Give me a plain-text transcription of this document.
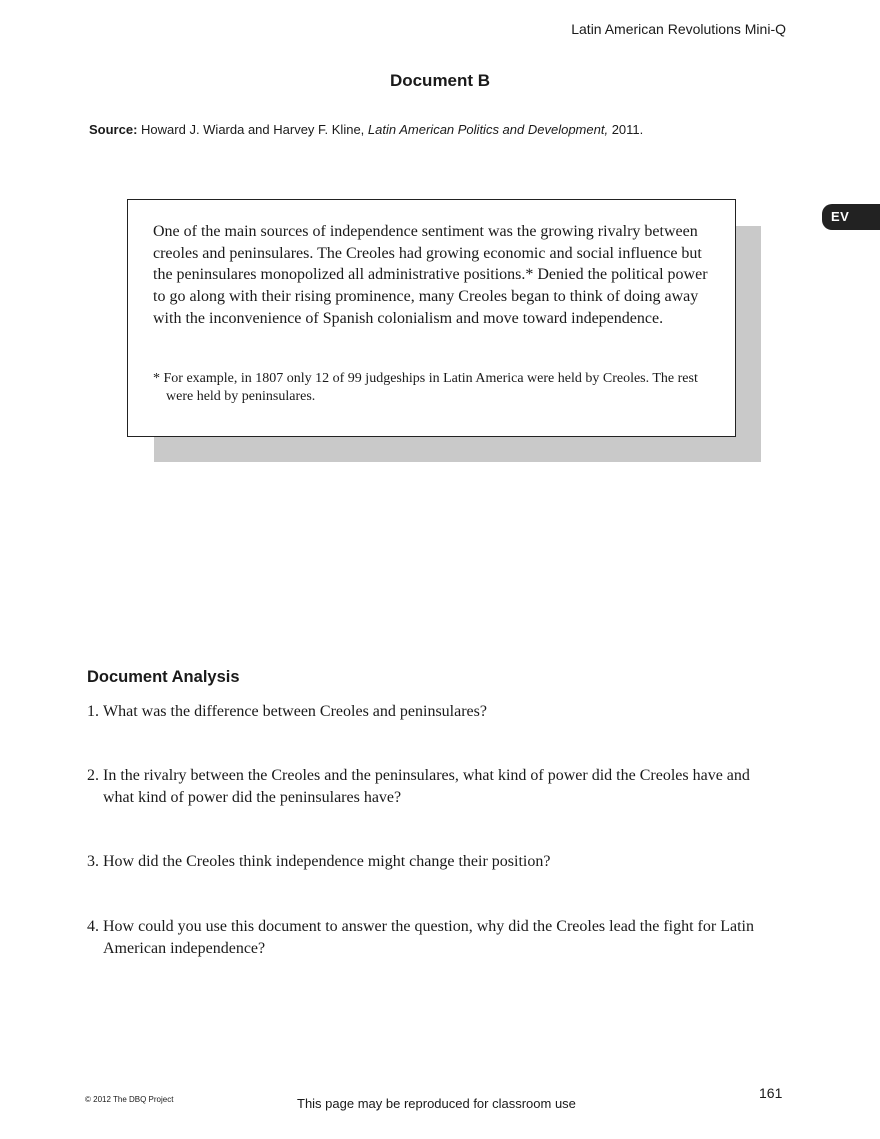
Latin American Revolutions Mini-Q
Document B
Source: Howard J. Wiarda and Harvey F. Kline, Latin American Politics and Development, 2011.
EV

One of the main sources of independence sentiment was the growing rivalry between creoles and peninsulares. The Creoles had growing economic and social influence but the peninsulares monopolized all administrative positions.* Denied the political power to go along with their rising prominence, many Creoles began to think of doing away with the inconvenience of Spanish colonialism and move toward independence.

* For example, in 1807 only 12 of 99 judgeships in Latin America were held by Creoles. The rest were held by peninsulares.

Document Analysis
1. What was the difference between Creoles and peninsulares?
2. In the rivalry between the Creoles and the peninsulares, what kind of power did the Creoles have and what kind of power did the peninsulares have?
3. How did the Creoles think independence might change their position?
4. How could you use this document to answer the question, why did the Creoles lead the fight for Latin American independence?
© 2012 The DBQ Project	This page may be reproduced for classroom use
161
